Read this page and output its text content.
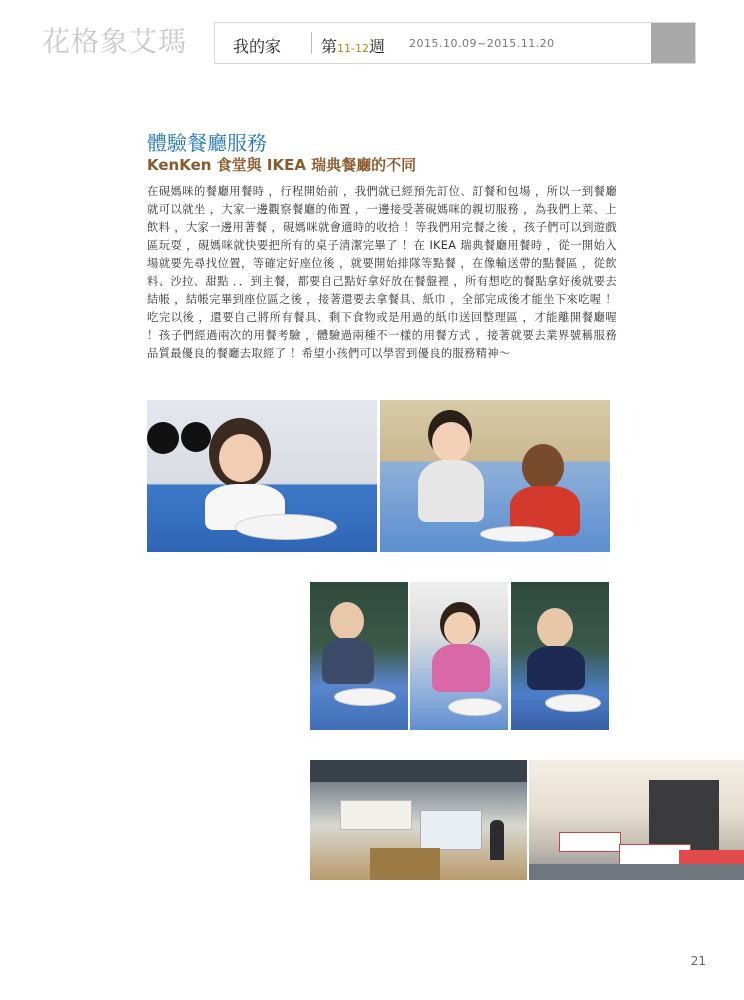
花格象艾瑪	我的家 第11-12週 2015.10.09~2015.11.20
體驗餐廳服務
KenKen 食堂與 IKEA 瑞典餐廳的不同

在硯媽咪的餐廳用餐時 ，行程開始前 ，我們就已經預先訂位、訂餐和包場 ，所以一到餐廳就可以就坐 ，大家一邊觀察餐廳的佈置 ，一邊接受著硯媽咪的親切服務 ，為我們上菜、上飲料 ，大家一邊用著餐 ，硯媽咪就會適時的收拾 ！等我們用完餐之後 ，孩子們可以到遊戲區玩耍 ，硯媽咪就快要把所有的桌子清潔完畢了 ！在 IKEA 瑞典餐廳用餐時 ，從一開始入場就要先尋找位置，等確定好座位後 ，就要開始排隊等點餐 ，在像輸送帶的點餐區 ，從飲料、沙拉、甜點 ．．到主餐，都要自己點好拿好放在餐盤裡 ，所有想吃的餐點拿好後就要去結帳 ，結帳完畢到座位區之後 ，接著還要去拿餐具、紙巾 ，全部完成後才能坐下來吃喔 ！吃完以後 ，還要自己將所有餐具、剩下食物或是用過的紙巾送回整理區 ，才能離開餐廳喔 ！孩子們經過兩次的用餐考驗 ，體驗過兩種不一樣的用餐方式 ，接著就要去業界號稱服務品質最優良的餐廳去取經了 ！希望小孩們可以學習到優良的服務精神～

21
